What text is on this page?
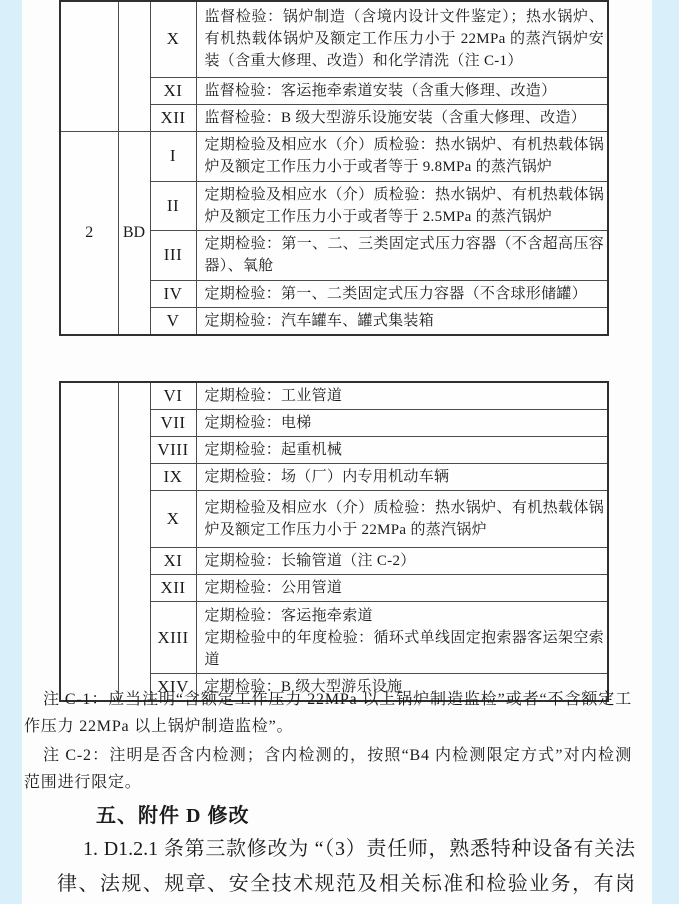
		X	监督检验：锅炉制造（含境内设计文件鉴定）；热水锅炉、有机热载体锅炉及额定工作压力小于 22MPa 的蒸汽锅炉安装（含重大修理、改造）和化学清洗（注 C-1）
		XI	监督检验：客运拖牵索道安装（含重大修理、改造）
		XII	监督检验：B 级大型游乐设施安装（含重大修理、改造）
2	BD	I	定期检验及相应水（介）质检验：热水锅炉、有机热载体锅炉及额定工作压力小于或者等于 9.8MPa 的蒸汽锅炉
		II	定期检验及相应水（介）质检验：热水锅炉、有机热载体锅炉及额定工作压力小于或者等于 2.5MPa 的蒸汽锅炉
		III	定期检验：第一、二、三类固定式压力容器（不含超高压容器）、氧舱
		IV	定期检验：第一、二类固定式压力容器（不含球形储罐）
		V	定期检验：汽车罐车、罐式集装箱
		VI	定期检验：工业管道
		VII	定期检验：电梯
		VIII	定期检验：起重机械
		IX	定期检验：场（厂）内专用机动车辆
		X	定期检验及相应水（介）质检验：热水锅炉、有机热载体锅炉及额定工作压力小于 22MPa 的蒸汽锅炉
		XI	定期检验：长输管道（注 C-2）
		XII	定期检验：公用管道
		XIII	定期检验：客运拖牵索道
定期检验中的年度检验：循环式单线固定抱索器客运架空索道

		XIV	定期检验：B 级大型游乐设施

注 C-1：应当注明“含额定工作压力 22MPa 以上锅炉制造监检”或者“不含额定工作压力 22MPa 以上锅炉制造监检”。

注 C-2：注明是否含内检测；含内检测的，按照“B4 内检测限定方式”对内检测范围进行限定。

五、附件 D 修改
1. D1.2.1 条第三款修改为 “（3）责任师，熟悉特种设备有关法律、法规、规章、安全技术规范及相关标准和检验业务，有岗
